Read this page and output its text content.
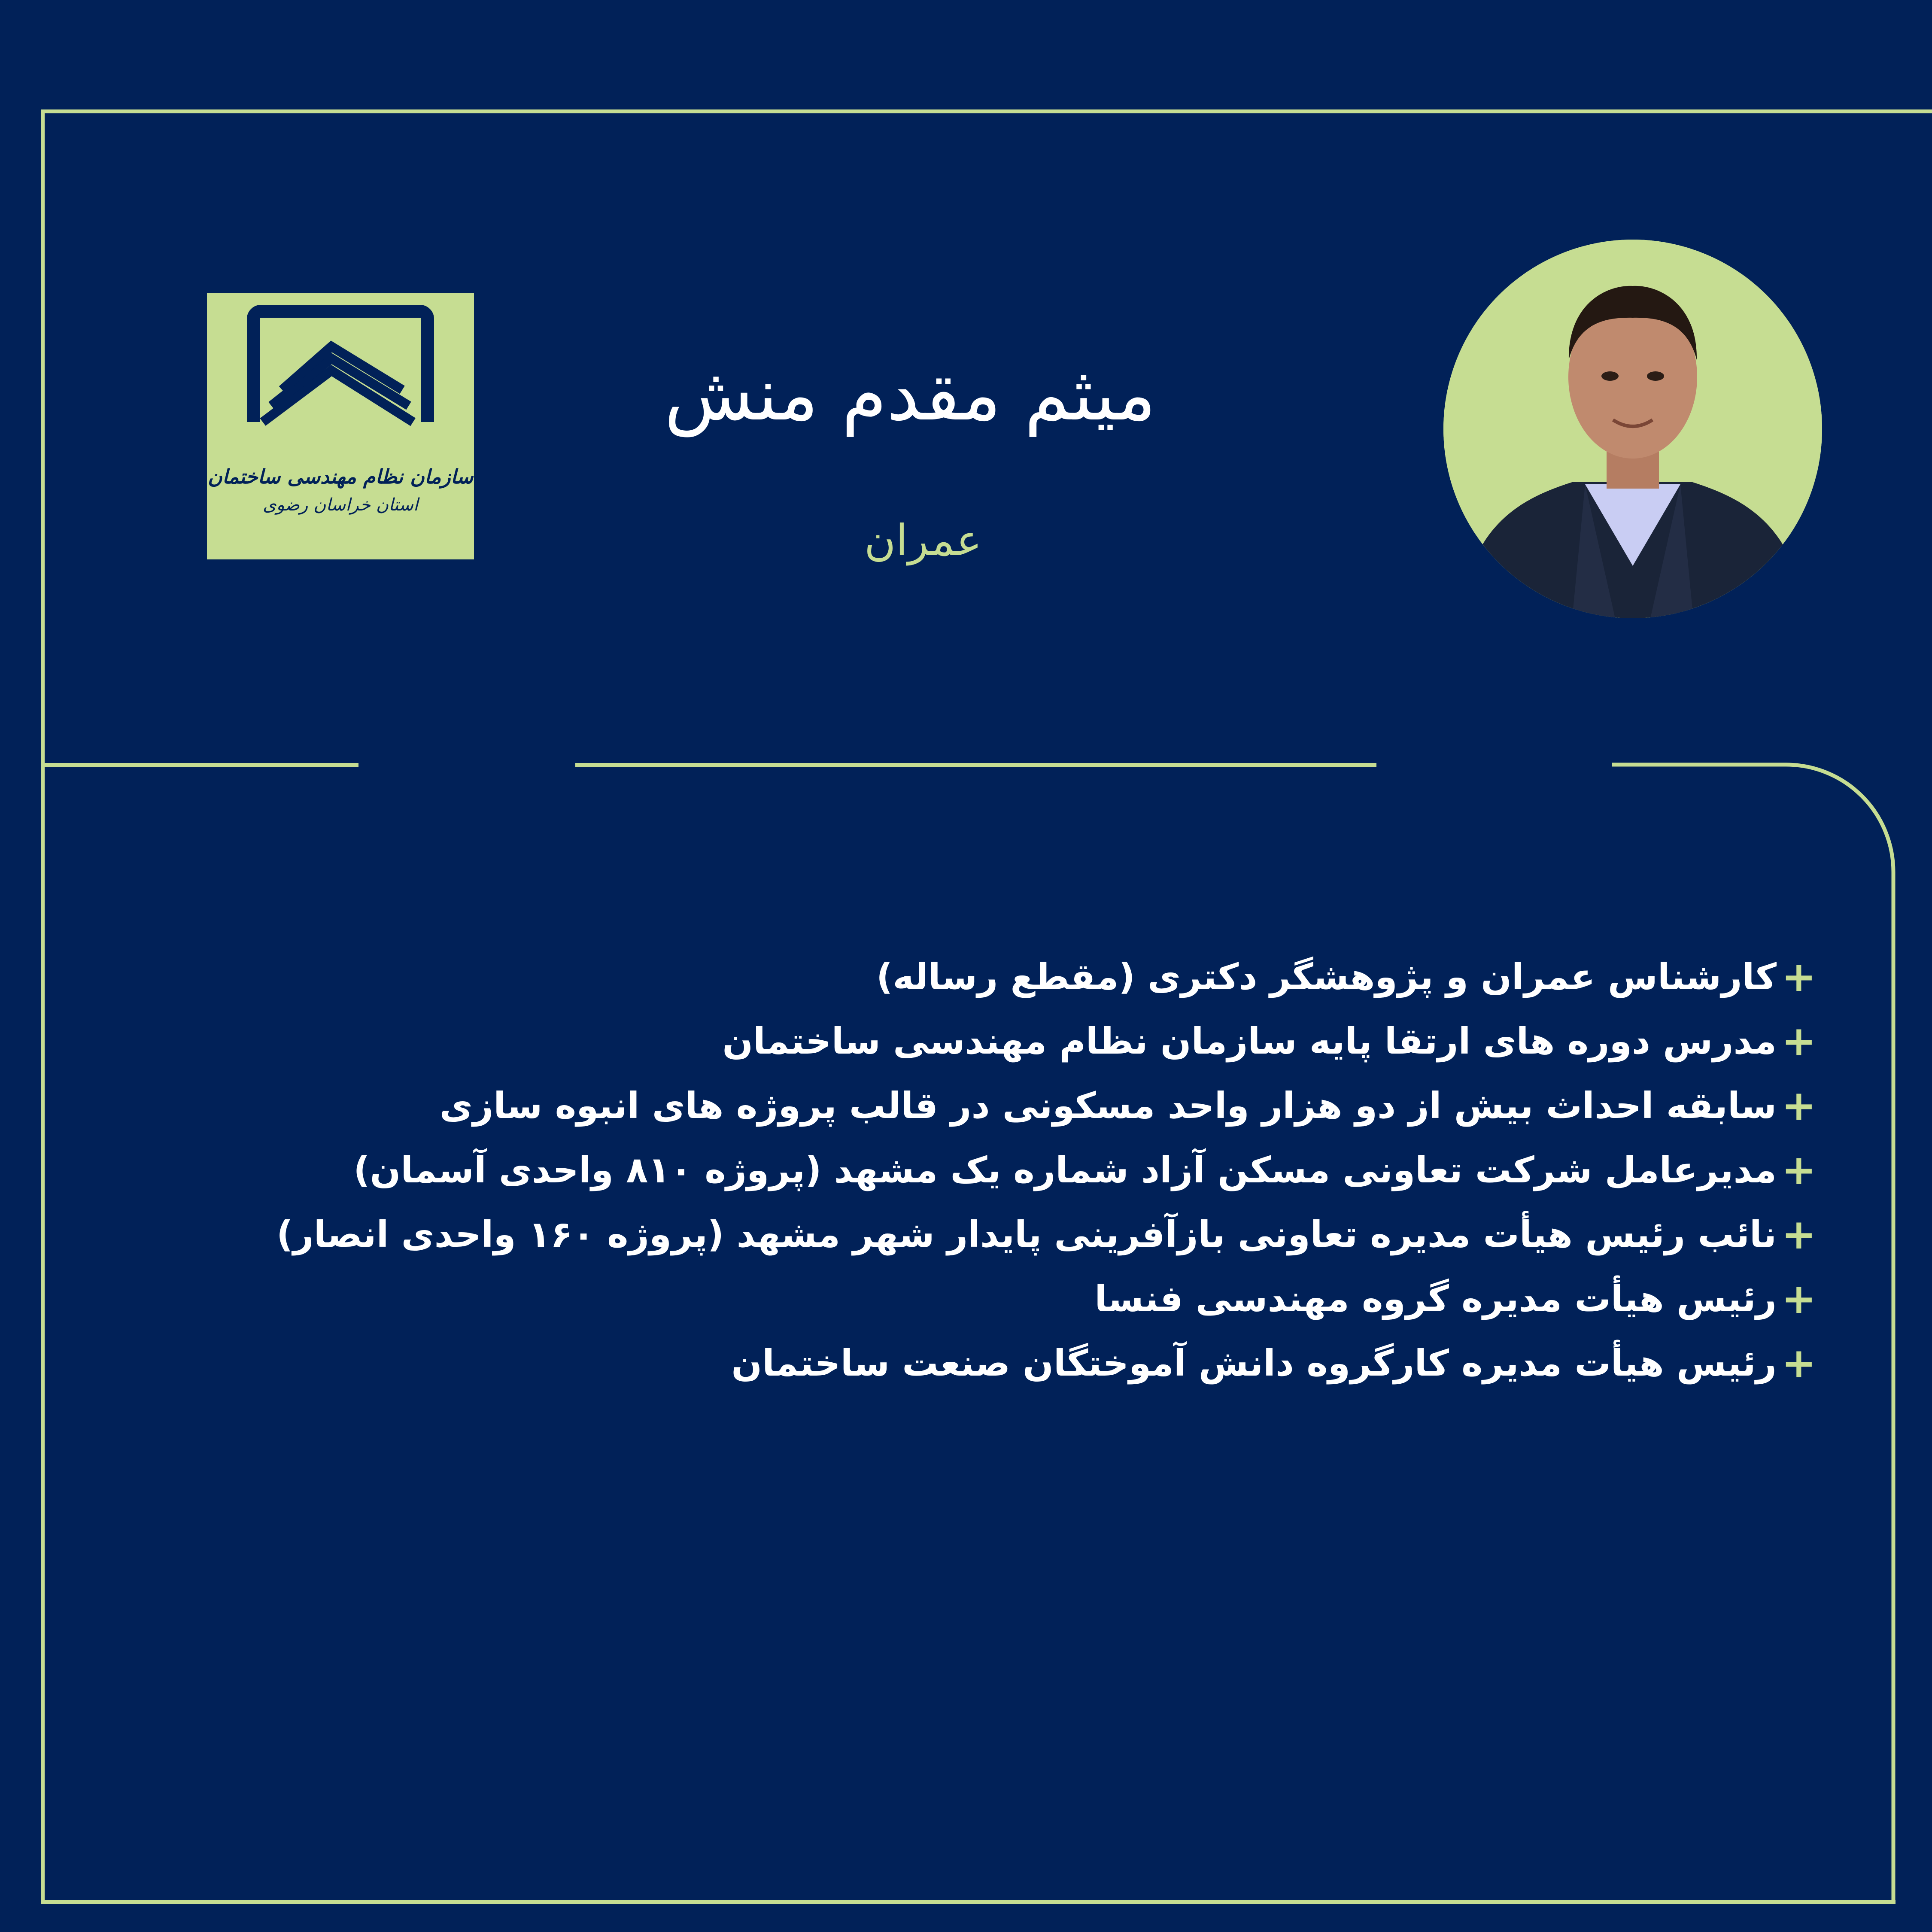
سازمان نظام مهندسی ساختمان
استان خراسان رضوی
میثم مقدم منش
عمران
+
کارشناس عمران و پژوهشگر دکتری (مقطع رساله)
+
مدرس دوره های ارتقا پایه سازمان نظام مهندسی ساختمان
+
سابقه احداث بیش از دو هزار واحد مسکونی در قالب پروژه های انبوه سازی
+
مدیرعامل شرکت تعاونی مسکن آزاد شماره یک مشهد (پروژه ۸۱۰ واحدی آسمان)
+
نائب رئیس هیأت مدیره تعاونی بازآفرینی پایدار شهر مشهد (پروژه ۱۶۰ واحدی انصار)
+
رئیس هیأت مدیره گروه مهندسی فنسا
+
رئیس هیأت مدیره کارگروه دانش آموختگان صنعت ساختمان
